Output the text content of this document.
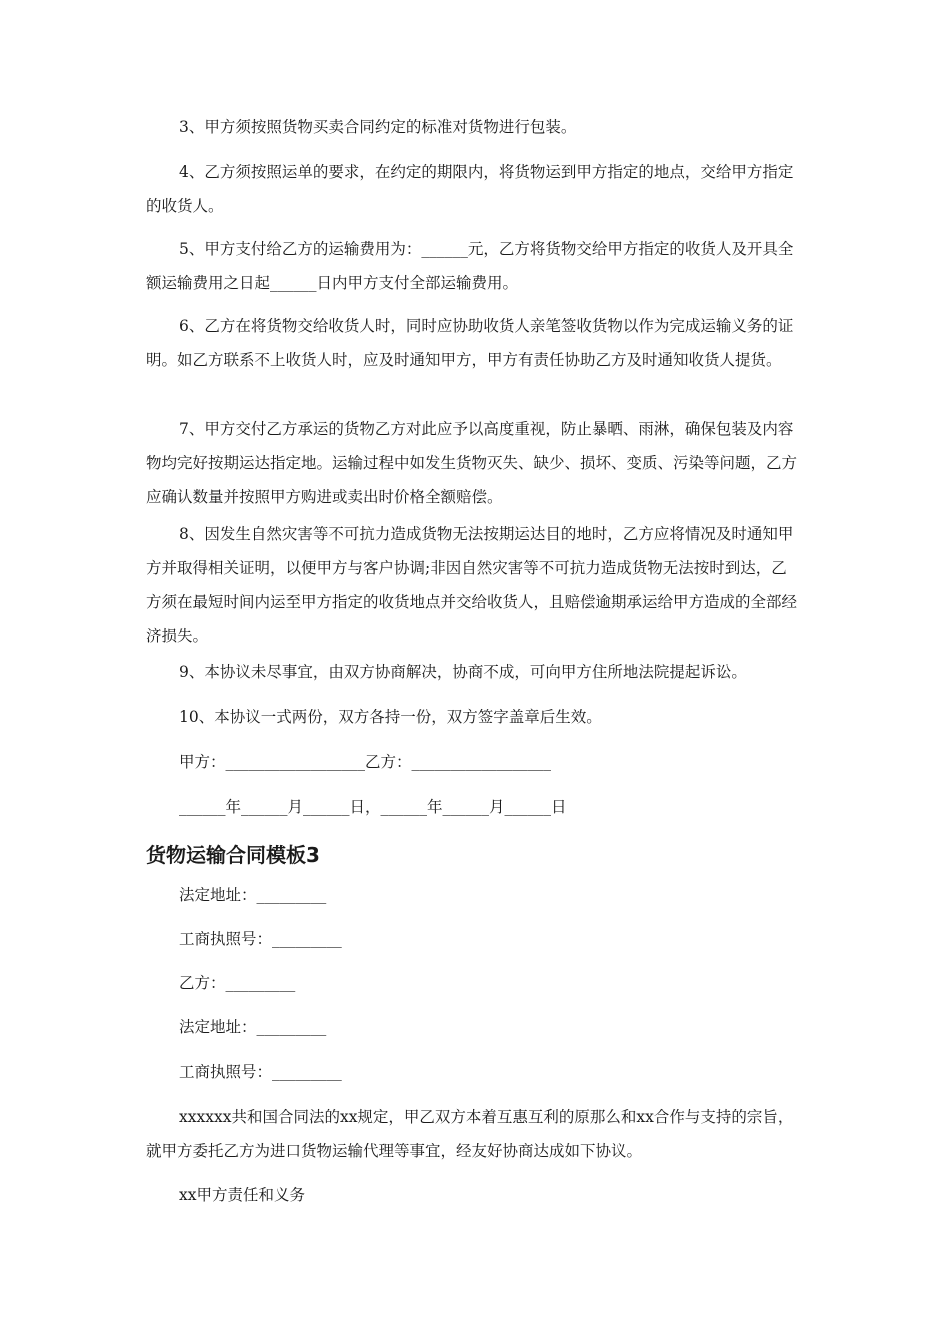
3、甲方须按照货物买卖合同约定的标准对货物进行包装。

4、乙方须按照运单的要求，在约定的期限内，将货物运到甲方指定的地点，交给甲方指定的收货人。

5、甲方支付给乙方的运输费用为：______元，乙方将货物交给甲方指定的收货人及开具全额运输费用之日起______日内甲方支付全部运输费用。

6、乙方在将货物交给收货人时，同时应协助收货人亲笔签收货物以作为完成运输义务的证明。如乙方联系不上收货人时，应及时通知甲方，甲方有责任协助乙方及时通知收货人提货。

7、甲方交付乙方承运的货物乙方对此应予以高度重视，防止暴晒、雨淋，确保包装及内容物均完好按期运达指定地。运输过程中如发生货物灭失、缺少、损坏、变质、污染等问题，乙方应确认数量并按照甲方购进或卖出时价格全额赔偿。

8、因发生自然灾害等不可抗力造成货物无法按期运达目的地时，乙方应将情况及时通知甲方并取得相关证明，以便甲方与客户协调;非因自然灾害等不可抗力造成货物无法按时到达，乙方须在最短时间内运至甲方指定的收货地点并交给收货人，且赔偿逾期承运给甲方造成的全部经济损失。

9、本协议未尽事宜，由双方协商解决，协商不成，可向甲方住所地法院提起诉讼。

10、本协议一式两份，双方各持一份，双方签字盖章后生效。

甲方：__________________乙方：__________________

______年______月______日，______年______月______日

货物运输合同模板3

法定地址：_________

工商执照号：_________

乙方：_________

法定地址：_________

工商执照号：_________

xxxxxx共和国合同法的xx规定，甲乙双方本着互惠互利的原那么和xx合作与支持的宗旨，就甲方委托乙方为进口货物运输代理等事宜，经友好协商达成如下协议。

xx甲方责任和义务
